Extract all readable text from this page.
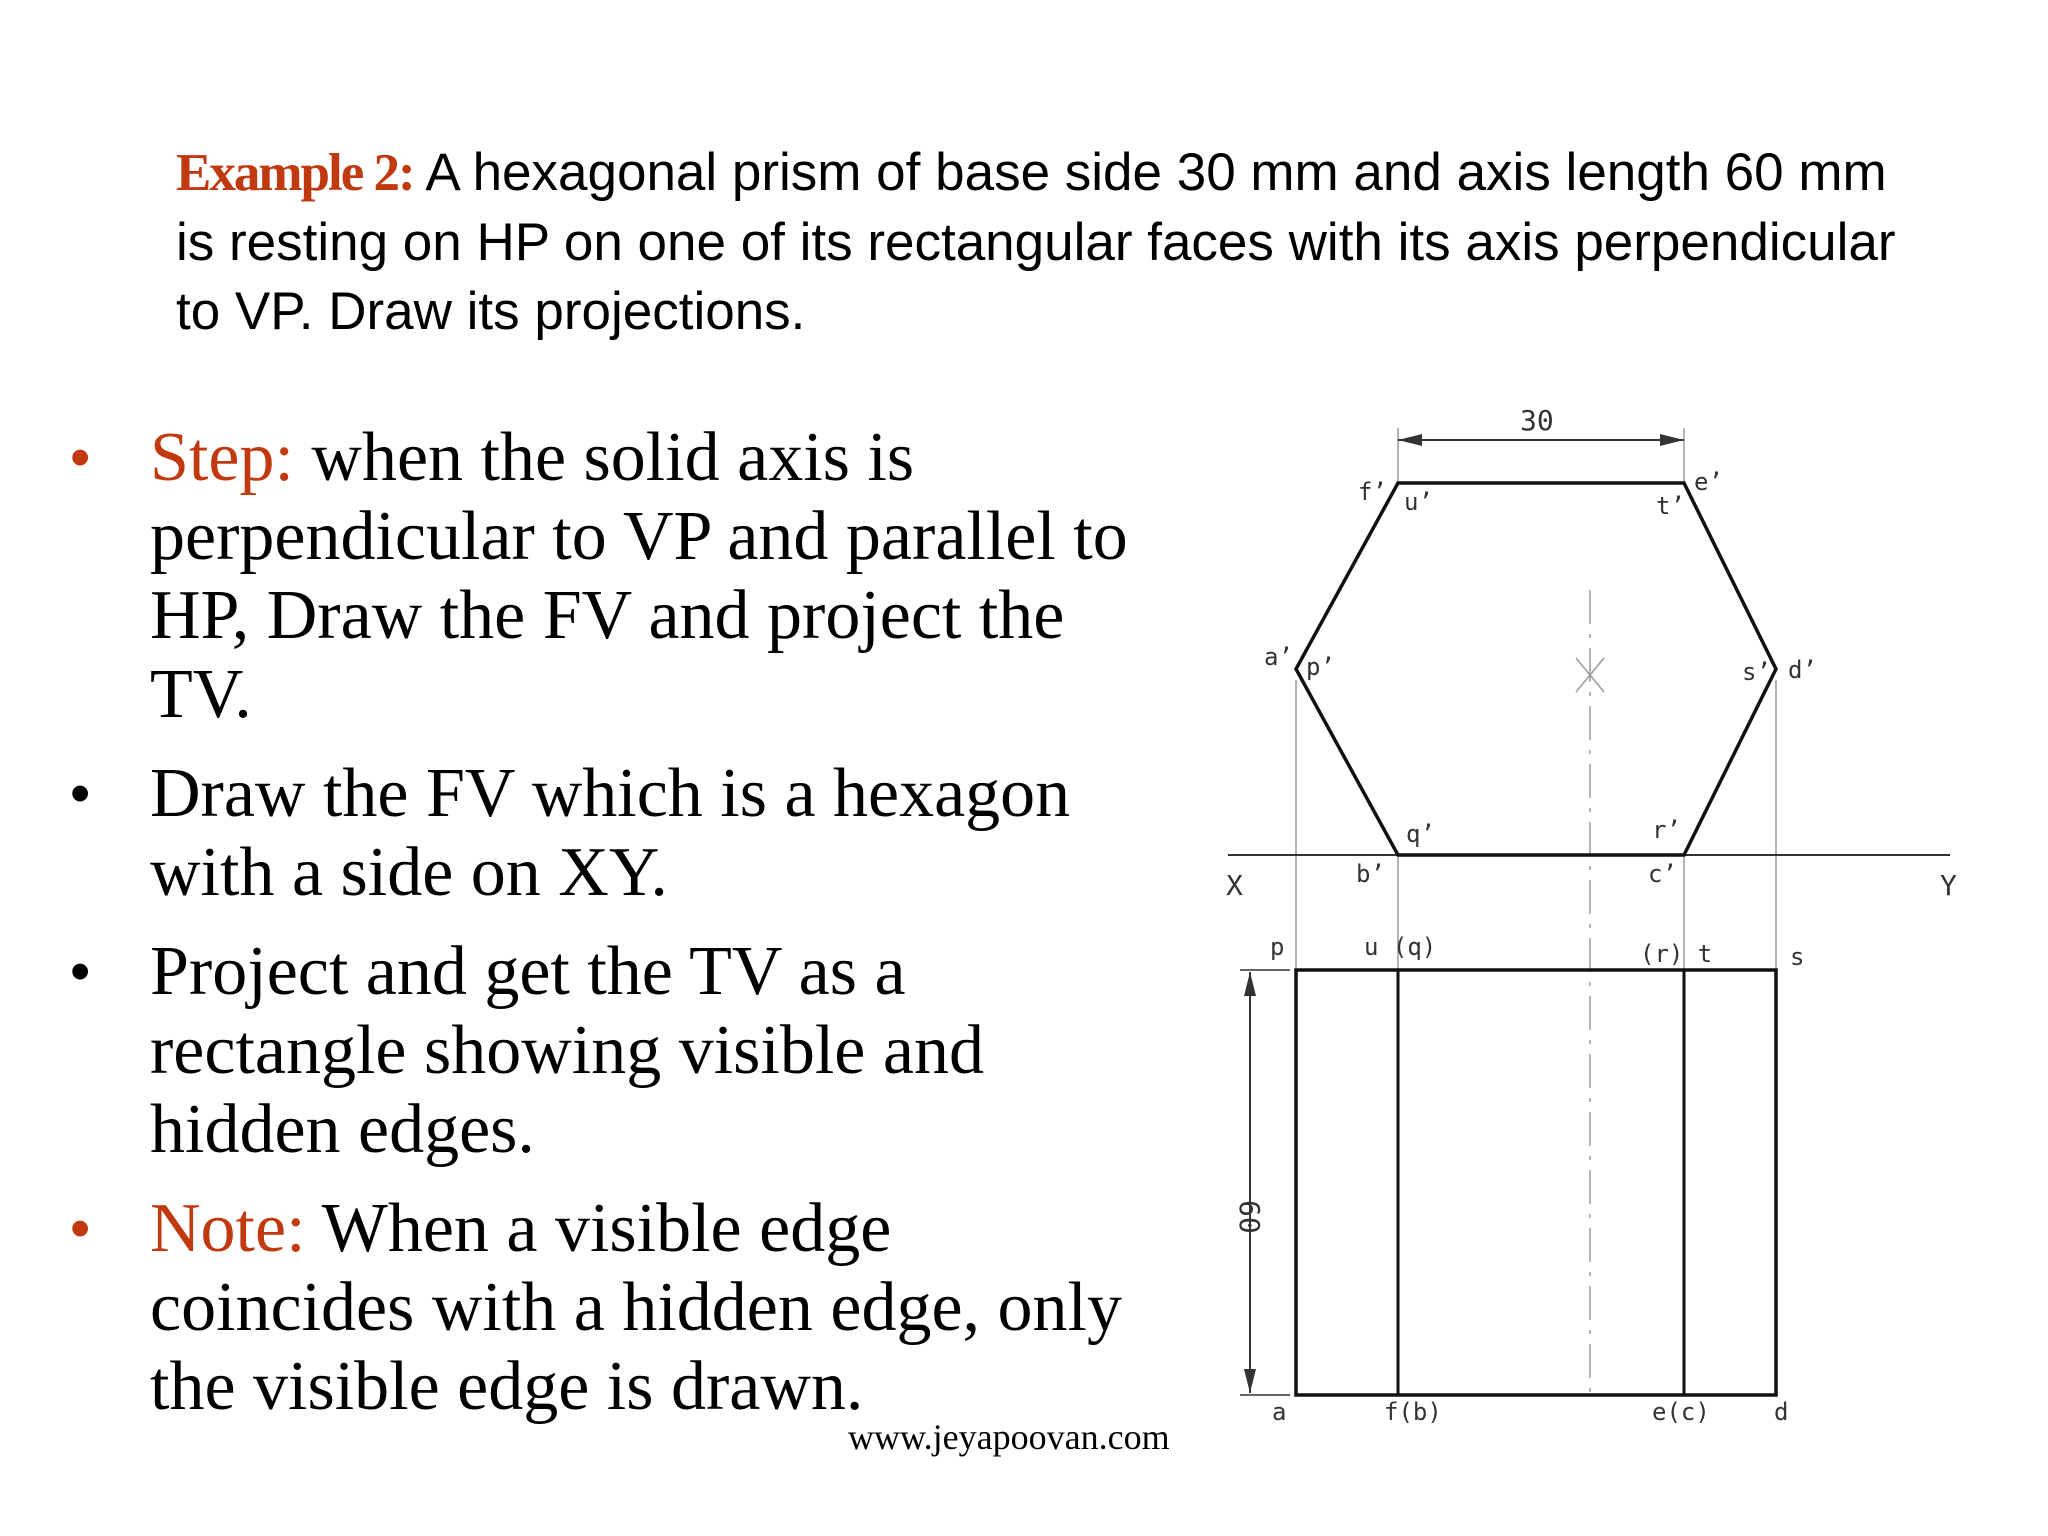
Example 2: A hexagonal prism of base side 30 mm and axis length 60 mm is resting on HP on one of its rectangular faces with its axis perpendicular to VP. Draw its projections.
• Step: when the solid axis is perpendicular to VP and parallel to HP, Draw the FV and project the TV.
• Draw the FV which is a hexagon with a side on XY.
• Project and get the TV as a rectangle showing visible and hidden edges.
• Note: When a visible edge coincides with a hidden edge, only the visible edge is drawn.
www.jeyapoovan.com
X	Y
30
f’ u’	t’
e’
a’ p’	s’ d’
q’	r’
b’	c’
60
p	u (q)	(r) t	s
f(b)
a	e(c)	d
